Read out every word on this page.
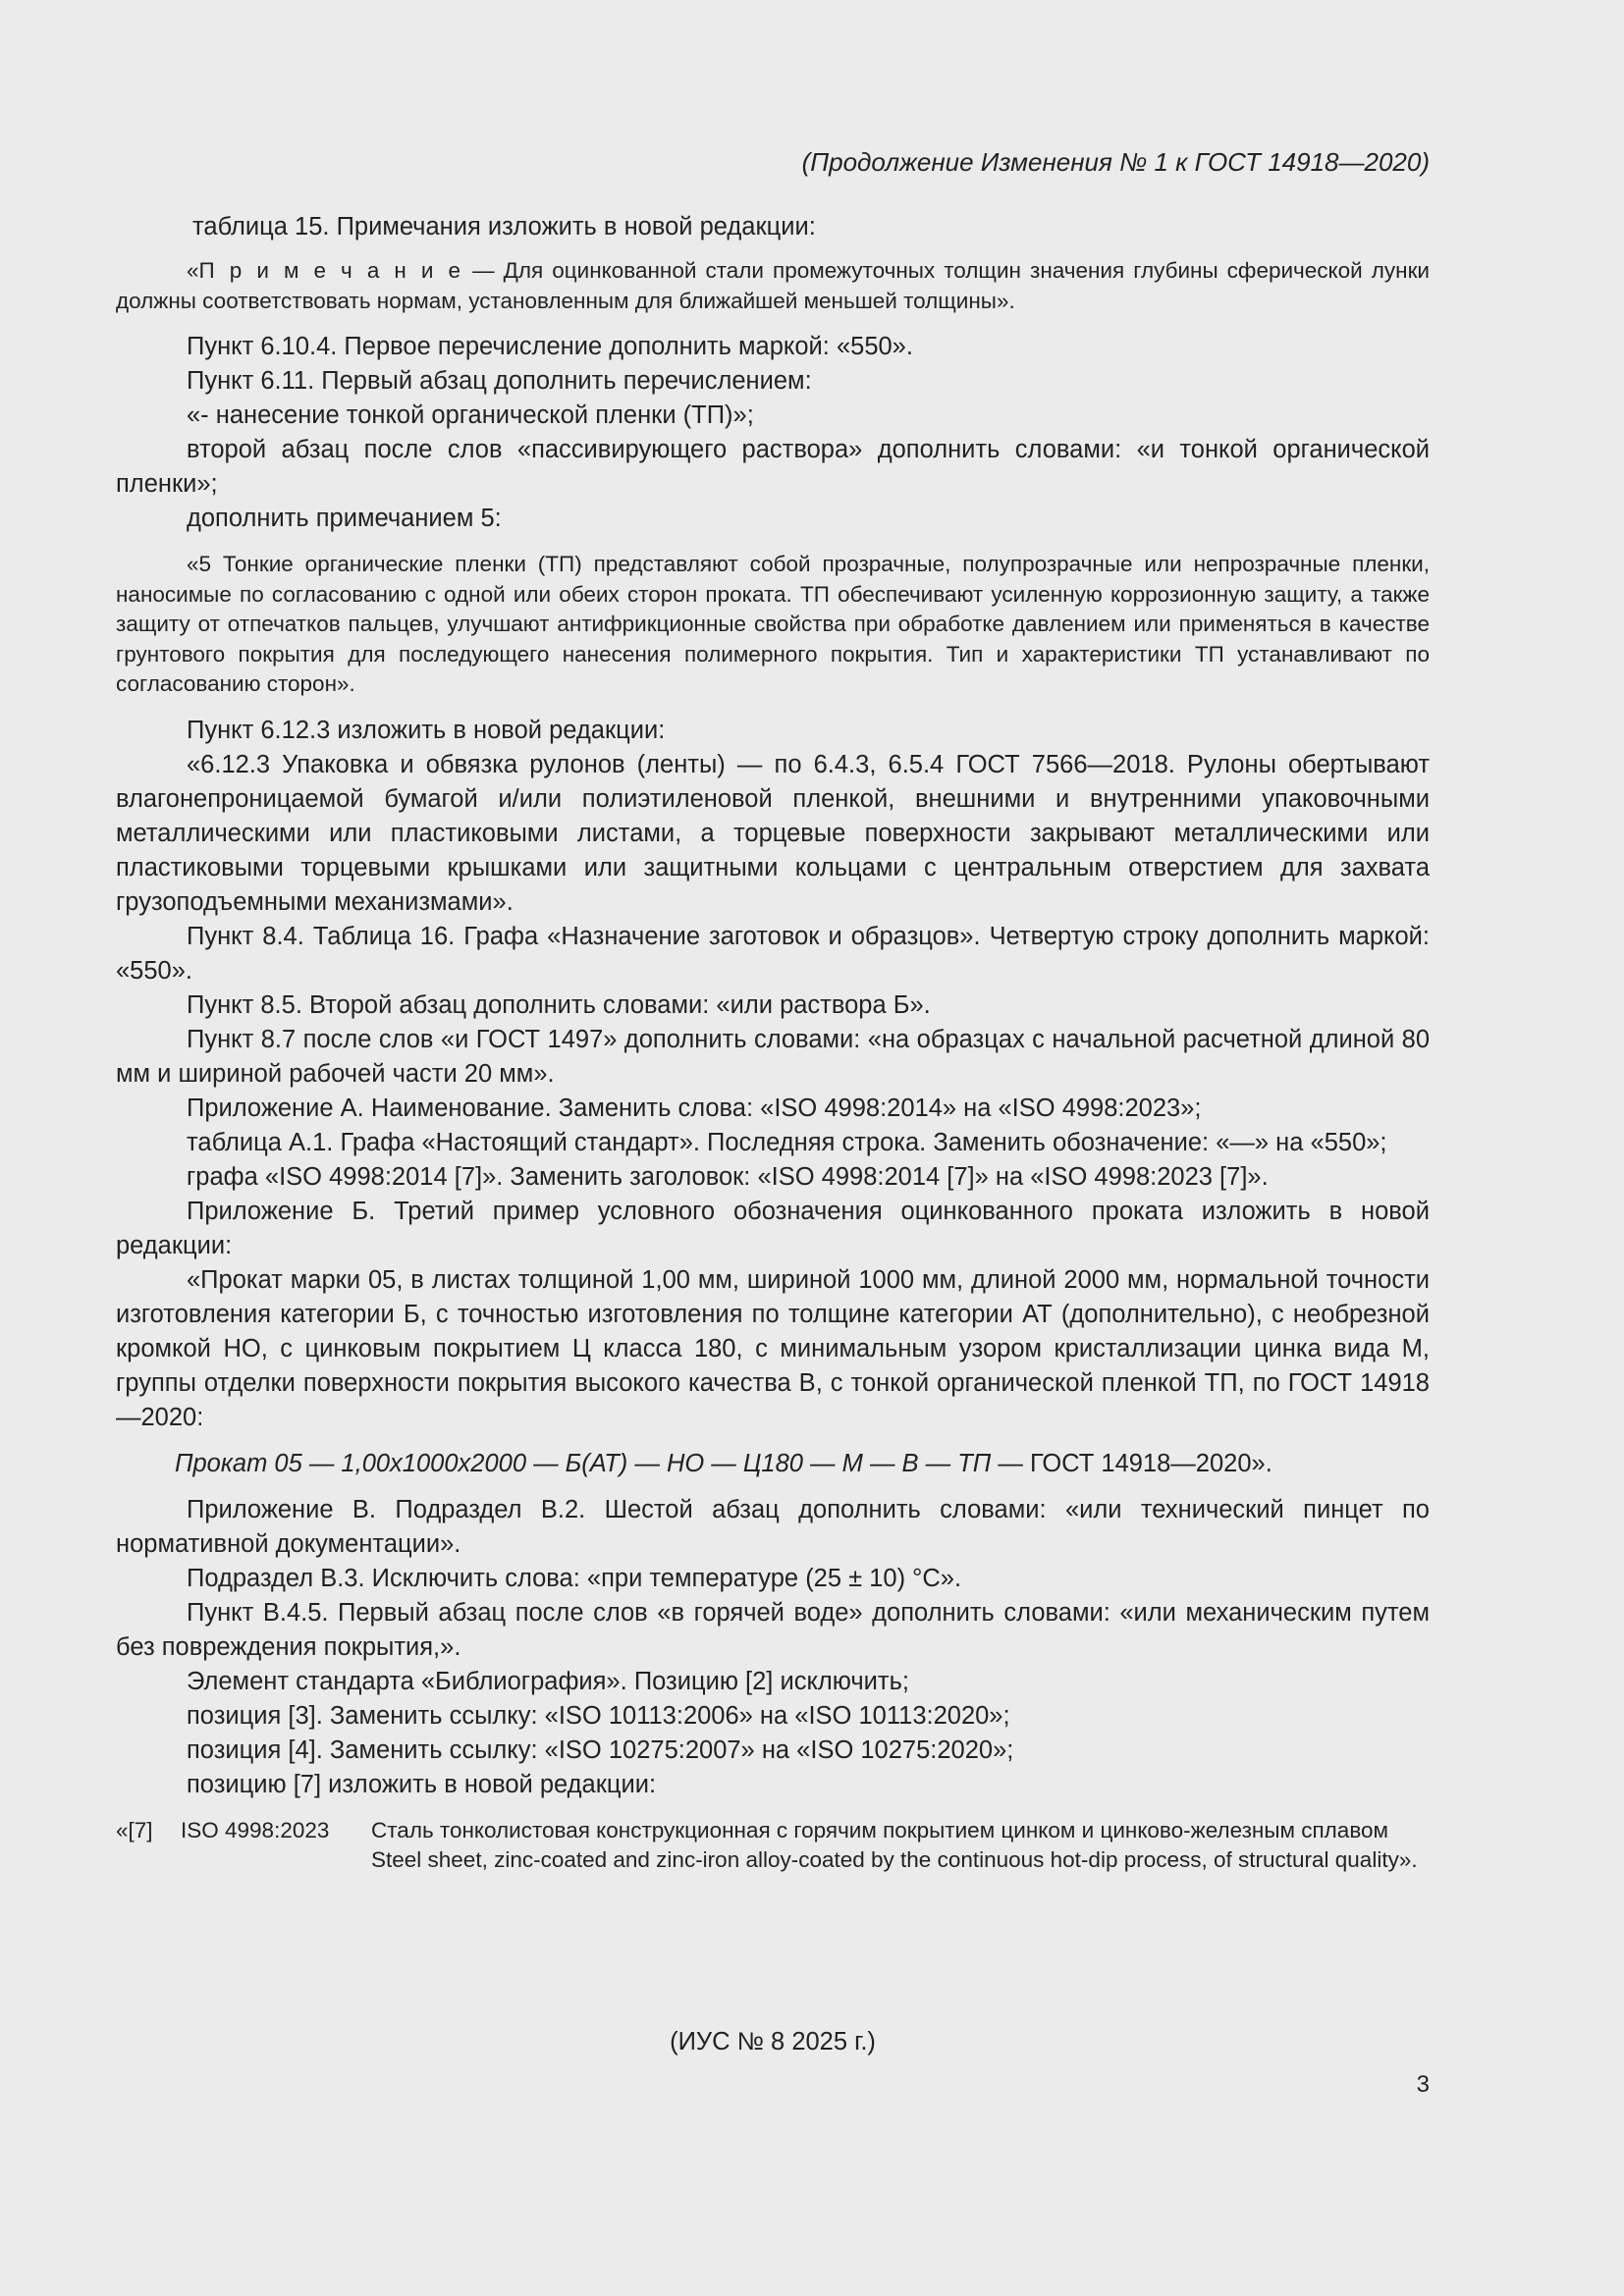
(Продолжение Изменения № 1 к ГОСТ 14918—2020)

таблица 15. Примечания изложить в новой редакции:

«П р и м е ч а н и е — Для оцинкованной стали промежуточных толщин значения глубины сферической лунки должны соответствовать нормам, установленным для ближайшей меньшей толщины».

Пункт 6.10.4. Первое перечисление дополнить маркой: «550».

Пункт 6.11. Первый абзац дополнить перечислением:

«- нанесение тонкой органической пленки (ТП)»;

второй абзац после слов «пассивирующего раствора» дополнить словами: «и тонкой органической пленки»;

дополнить примечанием 5:

«5 Тонкие органические пленки (ТП) представляют собой прозрачные, полупрозрачные или непрозрачные пленки, наносимые по согласованию с одной или обеих сторон проката. ТП обеспечивают усиленную коррозионную защиту, а также защиту от отпечатков пальцев, улучшают антифрикционные свойства при обработке давлением или применяться в качестве грунтового покрытия для последующего нанесения полимерного покрытия. Тип и характеристики ТП устанавливают по согласованию сторон».

Пункт 6.12.3 изложить в новой редакции:

«6.12.3 Упаковка и обвязка рулонов (ленты) — по 6.4.3, 6.5.4 ГОСТ 7566—2018. Рулоны обертывают влагонепроницаемой бумагой и/или полиэтиленовой пленкой, внешними и внутренними упаковочными металлическими или пластиковыми листами, а торцевые поверхности закрывают металлическими или пластиковыми торцевыми крышками или защитными кольцами с центральным отверстием для захвата грузоподъемными механизмами».

Пункт 8.4. Таблица 16. Графа «Назначение заготовок и образцов». Четвертую строку дополнить маркой: «550».

Пункт 8.5. Второй абзац дополнить словами: «или раствора Б».

Пункт 8.7 после слов «и ГОСТ 1497» дополнить словами: «на образцах с начальной расчетной длиной 80 мм и шириной рабочей части 20 мм».

Приложение А. Наименование. Заменить слова: «ISO 4998:2014» на «ISO 4998:2023»;

таблица А.1. Графа «Настоящий стандарт». Последняя строка. Заменить обозначение: «—» на «550»;

графа «ISO 4998:2014 [7]». Заменить заголовок: «ISO 4998:2014 [7]» на «ISO 4998:2023 [7]».

Приложение Б. Третий пример условного обозначения оцинкованного проката изложить в новой редакции:

«Прокат марки 05, в листах толщиной 1,00 мм, шириной 1000 мм, длиной 2000 мм, нормальной точности изготовления категории Б, с точностью изготовления по толщине категории АТ (дополнительно), с необрезной кромкой НО, с цинковым покрытием Ц класса 180, с минимальным узором кристаллизации цинка вида М, группы отделки поверхности покрытия высокого качества В, с тонкой органической пленкой ТП, по ГОСТ 14918—2020:

Прокат 05 — 1,00х1000х2000 — Б(АТ) — НО — Ц180 — М — В — ТП — ГОСТ 14918—2020».

Приложение В. Подраздел В.2. Шестой абзац дополнить словами: «или технический пинцет по нормативной документации».

Подраздел В.3. Исключить слова: «при температуре (25 ± 10) °С».

Пункт В.4.5. Первый абзац после слов «в горячей воде» дополнить словами: «или механическим путем без повреждения покрытия,».

Элемент стандарта «Библиография». Позицию [2] исключить;

позиция [3]. Заменить ссылку: «ISO 10113:2006» на «ISO 10113:2020»;

позиция [4]. Заменить ссылку: «ISO 10275:2007» на «ISO 10275:2020»;

позицию [7] изложить в новой редакции:

«[7]	ISO 4998:2023	Сталь тонколистовая конструкционная с горячим покрытием цинком и цинково-железным сплавом
Steel sheet, zinc-coated and zinc-iron alloy-coated by the continuous hot-dip process, of structural quality».
(ИУС № 8 2025 г.)
3
